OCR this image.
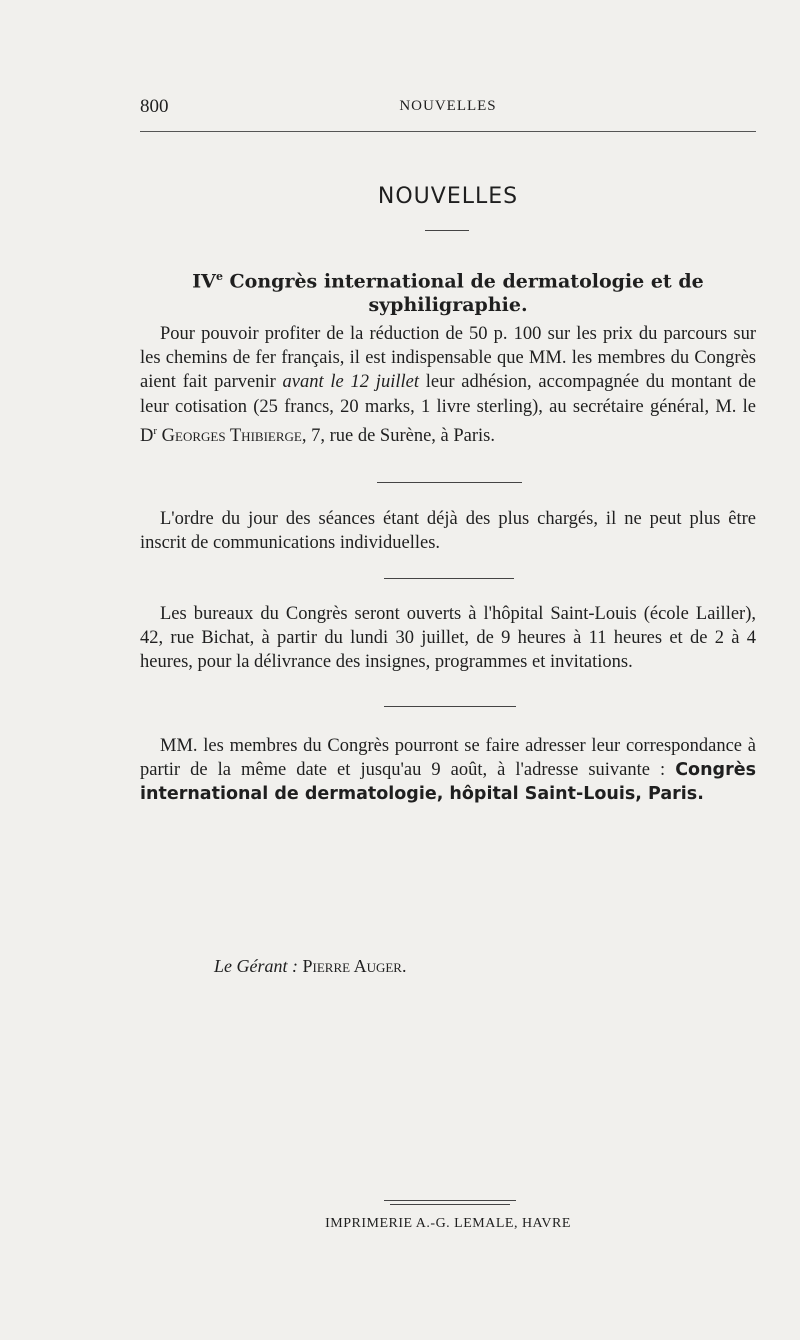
800	NOUVELLES
NOUVELLES
IVe Congrès international de dermatologie et de
syphiligraphie.
Pour pouvoir profiter de la réduction de 50 p. 100 sur les prix du parcours sur les chemins de fer français, il est indispensable que MM. les membres du Congrès aient fait parvenir avant le 12 juillet leur adhésion, accompagnée du montant de leur cotisation (25 francs, 20 marks, 1 livre sterling), au secrétaire général, M. le $D^r$ Georges Thibierge, 7, rue de Surène, à Paris.
L'ordre du jour des séances étant déjà des plus chargés, il ne peut plus être inscrit de communications individuelles.
Les bureaux du Congrès seront ouverts à l'hôpital Saint-Louis (école Lailler), 42, rue Bichat, à partir du lundi 30 juillet, de 9 heures à 11 heures et de 2 à 4 heures, pour la délivrance des insignes, programmes et invitations.
MM. les membres du Congrès pourront se faire adresser leur correspondance à partir de la même date et jusqu'au 9 août, à l'adresse suivante : Congrès international de dermatologie, hôpital Saint-Louis, Paris.
Le Gérant : Pierre Auger.
IMPRIMERIE A.-G. LEMALE, HAVRE
